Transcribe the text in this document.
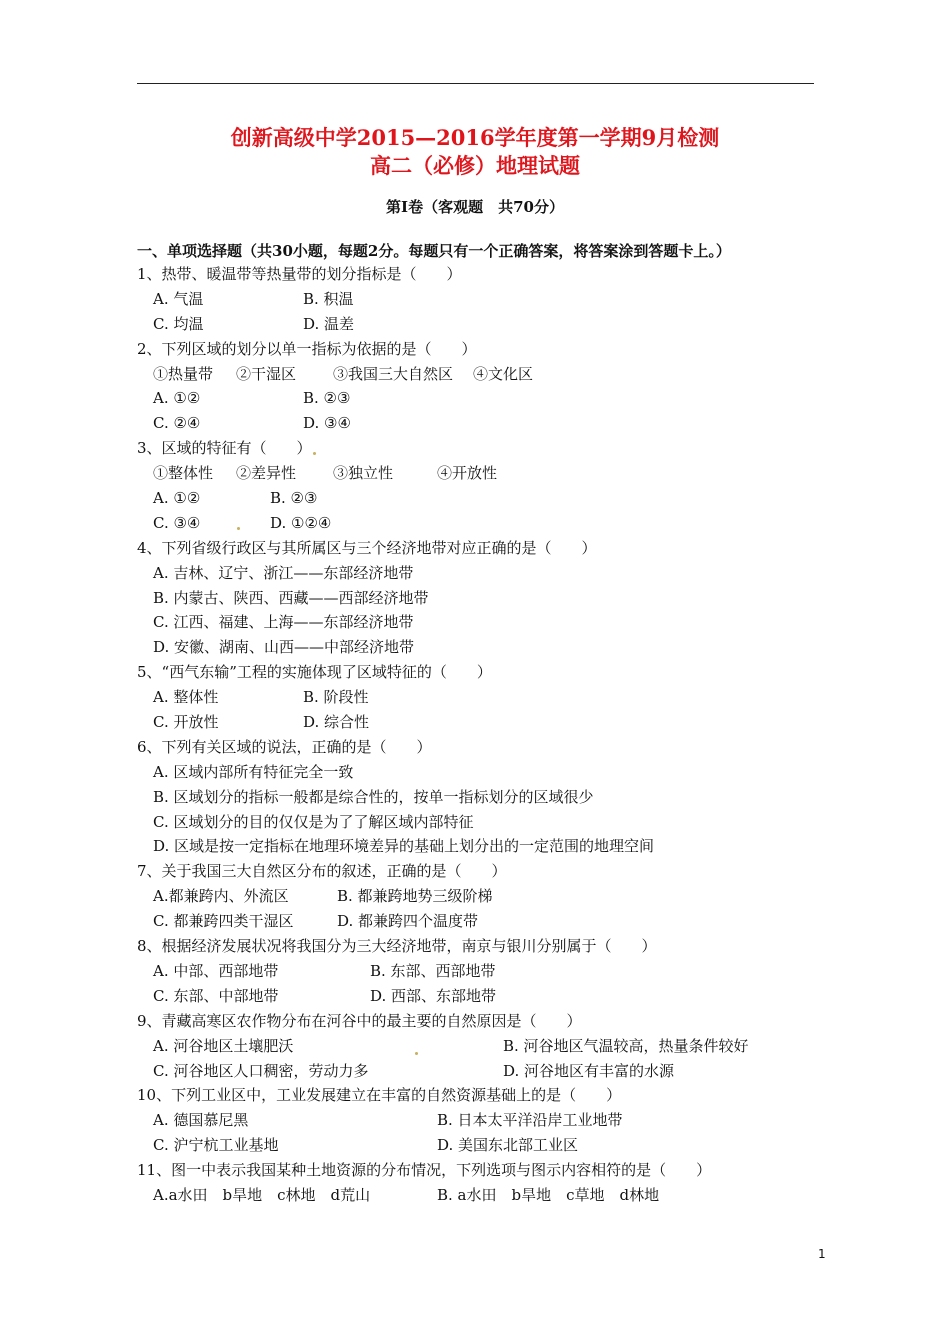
创新高级中学2015—2016学年度第一学期9月检测
高二（必修）地理试题
第Ⅰ卷（客观题　共70分）
一、单项选择题（共30小题，每题2分。每题只有一个正确答案，将答案涂到答题卡上。）
1、热带、暖温带等热量带的划分指标是（　　）
A. 气温	B. 积温
C. 均温	D. 温差
2、下列区域的划分以单一指标为依据的是（　　）
①热量带 ②干湿区 ③我国三大自然区 ④文化区
A. ①②	B. ②③
C. ②④	D. ③④
3、区域的特征有（　　）
①整体性 ②差异性 ③独立性	④开放性
A. ①②	B. ②③
C. ③④	D. ①②④
4、下列省级行政区与其所属区与三个经济地带对应正确的是（　　）
A. 吉林、辽宁、浙江——东部经济地带
B. 内蒙古、陕西、西藏——西部经济地带
C. 江西、福建、上海——东部经济地带
D. 安徽、湖南、山西——中部经济地带
5、“西气东输”工程的实施体现了区域特征的（　　）
A. 整体性	B. 阶段性
C. 开放性	D. 综合性
6、下列有关区域的说法，正确的是（　　）
A. 区域内部所有特征完全一致
B. 区域划分的指标一般都是综合性的，按单一指标划分的区域很少
C. 区域划分的目的仅仅是为了了解区域内部特征
D. 区域是按一定指标在地理环境差异的基础上划分出的一定范围的地理空间
7、关于我国三大自然区分布的叙述，正确的是（　　）
A.都兼跨内、外流区	B. 都兼跨地势三级阶梯
C. 都兼跨四类干湿区	D. 都兼跨四个温度带
8、根据经济发展状况将我国分为三大经济地带，南京与银川分别属于（　　）
A. 中部、西部地带	B. 东部、西部地带
C. 东部、中部地带	D. 西部、东部地带
9、青藏高寒区农作物分布在河谷中的最主要的自然原因是（　　）
A. 河谷地区土壤肥沃	B. 河谷地区气温较高，热量条件较好
C. 河谷地区人口稠密，劳动力多	D. 河谷地区有丰富的水源
10、下列工业区中，工业发展建立在丰富的自然资源基础上的是（　　）
A. 德国慕尼黑	B. 日本太平洋沿岸工业地带
C. 沪宁杭工业基地	D. 美国东北部工业区
11、图一中表示我国某种土地资源的分布情况，下列选项与图示内容相符的是（　　）
A.a水田　b旱地　c林地　d荒山	B. a水田　b旱地　c草地　d林地
1
